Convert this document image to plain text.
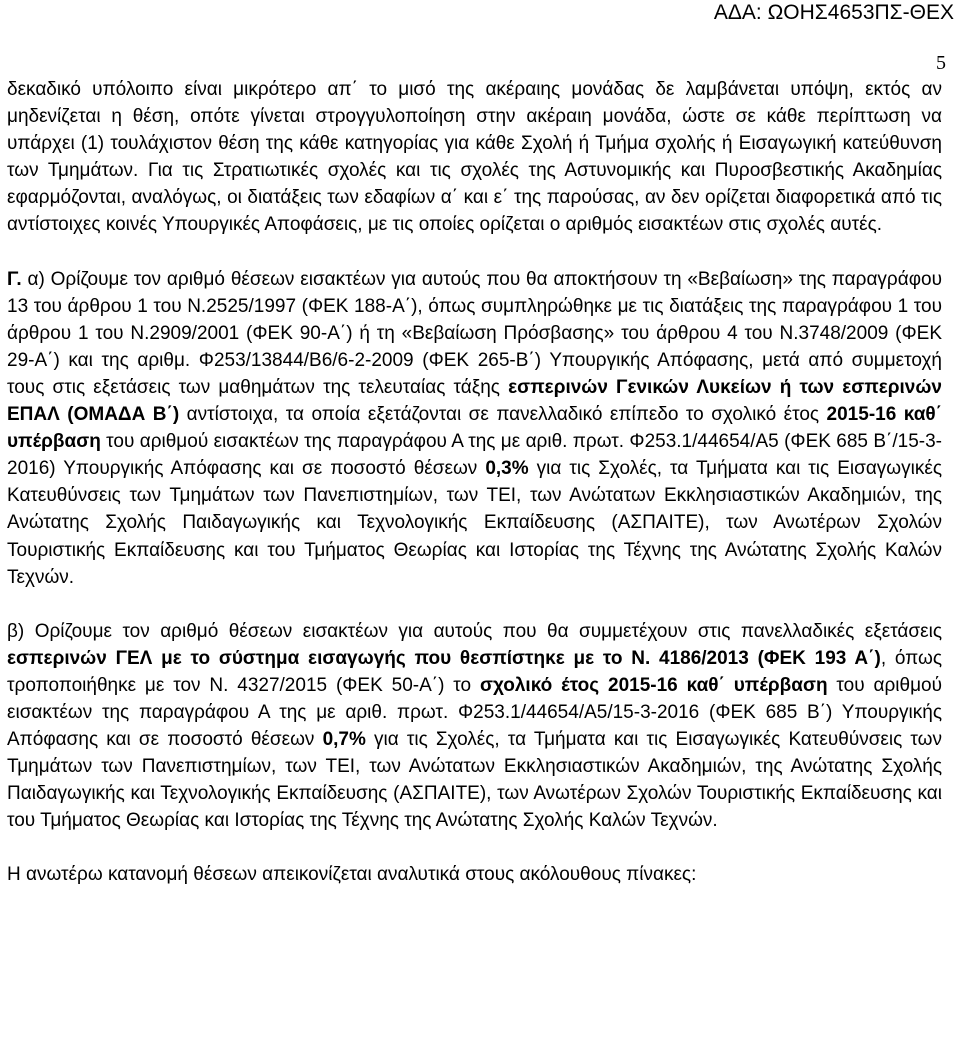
ΑΔΑ: ΩΟΗΣ4653ΠΣ-ΘΕΧ
5

δεκαδικό υπόλοιπο είναι μικρότερο απ΄ το μισό της ακέραιης μονάδας δε λαμβάνεται υπόψη, εκτός αν μηδενίζεται η θέση, οπότε γίνεται στρογγυλοποίηση στην ακέραιη μονάδα, ώστε σε κάθε περίπτωση να υπάρχει (1) τουλάχιστον θέση της κάθε κατηγορίας για κάθε Σχολή ή Τμήμα σχολής ή Εισαγωγική κατεύθυνση των Τμημάτων. Για τις Στρατιωτικές σχολές και τις σχολές της Αστυνομικής και Πυροσβεστικής Ακαδημίας εφαρμόζονται, αναλόγως, οι διατάξεις των εδαφίων α΄ και ε΄ της παρούσας, αν δεν ορίζεται διαφορετικά από τις αντίστοιχες κοινές Υπουργικές Αποφάσεις, με τις οποίες ορίζεται ο αριθμός εισακτέων στις σχολές αυτές.

Γ. α) Ορίζουμε τον αριθμό θέσεων εισακτέων για αυτούς που θα αποκτήσουν τη «Βεβαίωση» της παραγράφου 13 του άρθρου 1 του Ν.2525/1997 (ΦΕΚ 188-Α΄), όπως συμπληρώθηκε με τις διατάξεις της παραγράφου 1 του άρθρου 1 του Ν.2909/2001 (ΦΕΚ 90-Α΄) ή τη «Βεβαίωση Πρόσβασης» του άρθρου 4 του Ν.3748/2009 (ΦΕΚ 29-Α΄) και της αριθμ. Φ253/13844/Β6/6-2-2009 (ΦΕΚ 265-Β΄) Υπουργικής Απόφασης, μετά από συμμετοχή τους στις εξετάσεις των μαθημάτων της τελευταίας τάξης εσπερινών Γενικών Λυκείων ή των εσπερινών ΕΠΑΛ (ΟΜΑΔΑ Β΄) αντίστοιχα, τα οποία εξετάζονται σε πανελλαδικό επίπεδο το σχολικό έτος 2015-16 καθ΄ υπέρβαση του αριθμού εισακτέων της παραγράφου Α της με αριθ. πρωτ. Φ253.1/44654/Α5 (ΦΕΚ 685 Β΄/15-3-2016) Υπουργικής Απόφασης και σε ποσοστό θέσεων 0,3% για τις Σχολές, τα Τμήματα και τις Εισαγωγικές Κατευθύνσεις των Τμημάτων των Πανεπιστημίων, των ΤΕΙ, των Ανώτατων Εκκλησιαστικών Ακαδημιών, της Ανώτατης Σχολής Παιδαγωγικής και Τεχνολογικής Εκπαίδευσης (ΑΣΠΑΙΤΕ), των Ανωτέρων Σχολών Τουριστικής Εκπαίδευσης και του Τμήματος Θεωρίας και Ιστορίας της Τέχνης της Ανώτατης Σχολής Καλών Τεχνών.

β) Ορίζουμε τον αριθμό θέσεων εισακτέων για αυτούς που θα συμμετέχουν στις πανελλαδικές εξετάσεις εσπερινών ΓΕΛ με το σύστημα εισαγωγής που θεσπίστηκε με το Ν. 4186/2013 (ΦΕΚ 193 Α΄), όπως τροποποιήθηκε με τον Ν. 4327/2015 (ΦΕΚ 50-Α΄) το σχολικό έτος 2015-16 καθ΄ υπέρβαση του αριθμού εισακτέων της παραγράφου Α της με αριθ. πρωτ. Φ253.1/44654/Α5/15-3-2016 (ΦΕΚ 685 Β΄) Υπουργικής Απόφασης και σε ποσοστό θέσεων 0,7% για τις Σχολές, τα Τμήματα και τις Εισαγωγικές Κατευθύνσεις των Τμημάτων των Πανεπιστημίων, των ΤΕΙ, των Ανώτατων Εκκλησιαστικών Ακαδημιών, της Ανώτατης Σχολής Παιδαγωγικής και Τεχνολογικής Εκπαίδευσης (ΑΣΠΑΙΤΕ), των Ανωτέρων Σχολών Τουριστικής Εκπαίδευσης και του Τμήματος Θεωρίας και Ιστορίας της Τέχνης της Ανώτατης Σχολής Καλών Τεχνών.

Η ανωτέρω κατανομή θέσεων απεικονίζεται αναλυτικά στους ακόλουθους πίνακες:
